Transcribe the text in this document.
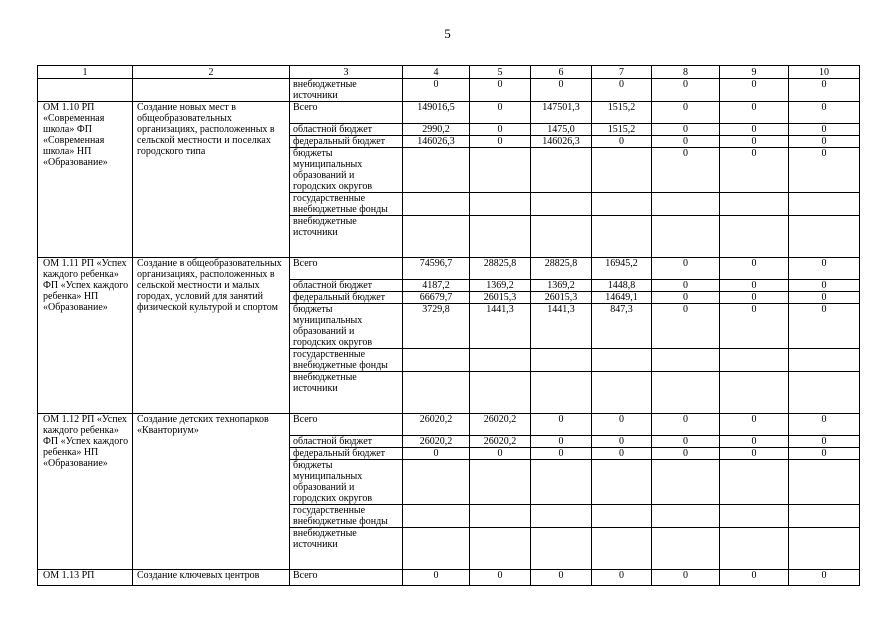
5
1	2	3	4	5	6	7	8	9	10
		внебюджетные источники	0	0	0	0	0	0	0
ОМ 1.10 РП «Современная школа» ФП «Современная школа» НП «Образование»	Создание новых мест в общеобразовательных организациях, расположенных в сельской местности и поселках городского типа	Всего	149016,5	0	147501,3	1515,2	0	0	0
		областной бюджет	2990,2	0	1475,0	1515,2	0	0	0
		федеральный бюджет	146026,3	0	146026,3	0	0	0	0
		бюджеты муниципальных образований и городских округов					0	0	0
		государственные внебюджетные фонды							
		внебюджетные источники							
ОМ 1.11 РП «Успех каждого ребенка» ФП «Успех каждого ребенка» НП «Образование»	Создание в общеобразовательных организациях, расположенных в сельской местности и малых городах, условий для занятий физической культурой и спортом	Всего	74596,7	28825,8	28825,8	16945,2	0	0	0
		областной бюджет	4187,2	1369,2	1369,2	1448,8	0	0	0
		федеральный бюджет	66679,7	26015,3	26015,3	14649,1	0	0	0
		бюджеты муниципальных образований и городских округов	3729,8	1441,3	1441,3	847,3	0	0	0
		государственные внебюджетные фонды							
		внебюджетные источники							
ОМ 1.12 РП «Успех каждого ребенка» ФП «Успех каждого ребенка» НП «Образование»	Создание детских технопарков «Кванториум»	Всего	26020,2	26020,2	0	0	0	0	0
		областной бюджет	26020,2	26020,2	0	0	0	0	0
		федеральный бюджет	0	0	0	0	0	0	0
		бюджеты муниципальных образований и городских округов							
		государственные внебюджетные фонды							
		внебюджетные источники							
ОМ 1.13 РП	Создание ключевых центров	Всего	0	0	0	0	0	0	0
